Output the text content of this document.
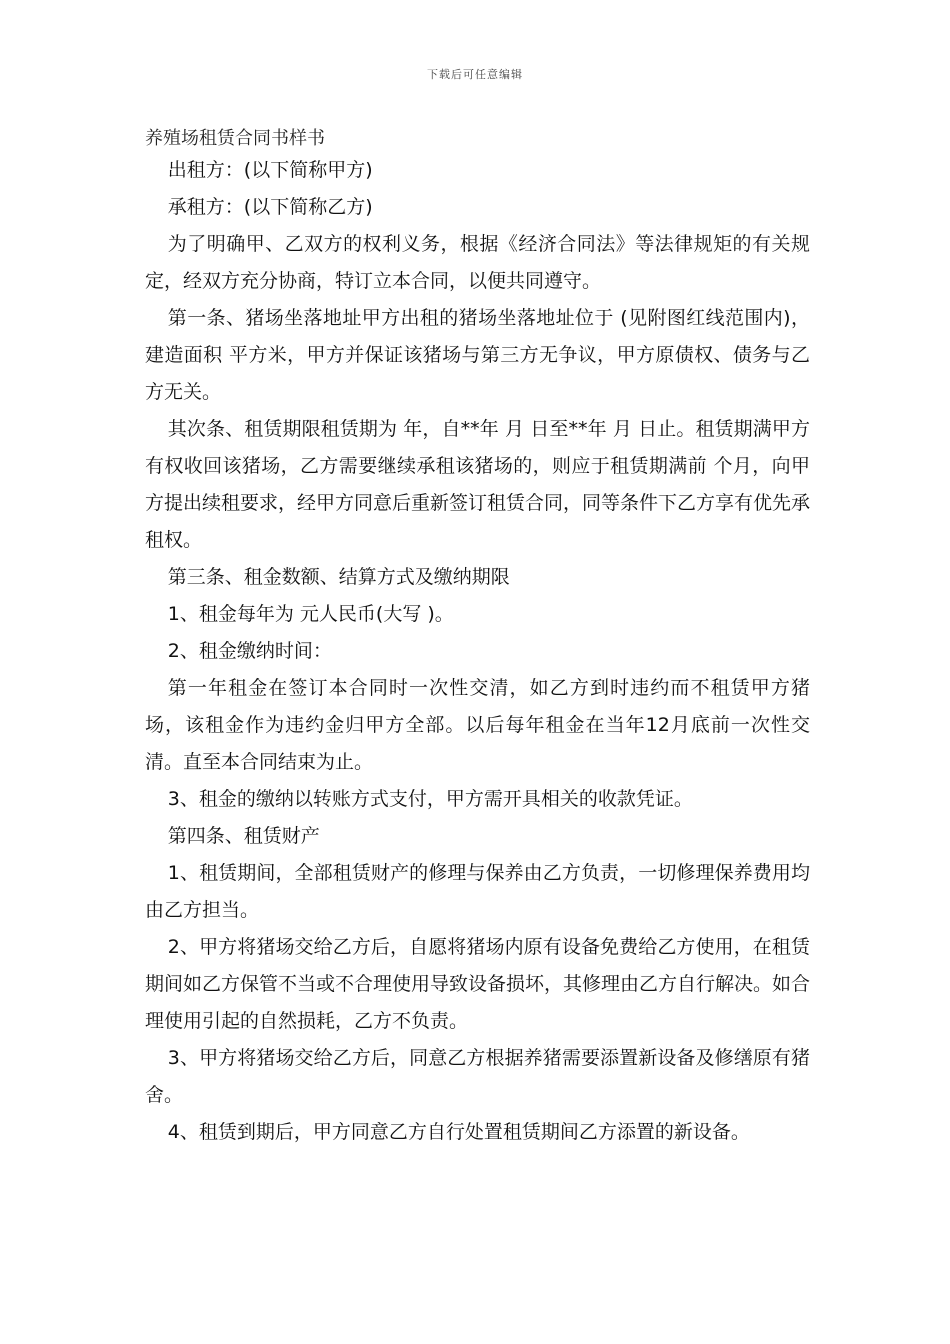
下载后可任意编辑
养殖场租赁合同书样书

出租方：(以下简称甲方)

承租方：(以下简称乙方)

为了明确甲、乙双方的权利义务，根据《经济合同法》等法律规矩的有关规定，经双方充分协商，特订立本合同，以便共同遵守。

第一条、猪场坐落地址甲方出租的猪场坐落地址位于 (见附图红线范围内)，建造面积 平方米，甲方并保证该猪场与第三方无争议，甲方原债权、债务与乙方无关。

其次条、租赁期限租赁期为 年，自**年 月 日至**年 月 日止。租赁期满甲方有权收回该猪场，乙方需要继续承租该猪场的，则应于租赁期满前 个月，向甲方提出续租要求，经甲方同意后重新签订租赁合同，同等条件下乙方享有优先承租权。

第三条、租金数额、结算方式及缴纳期限

1、租金每年为 元人民币(大写 )。

2、租金缴纳时间：

第一年租金在签订本合同时一次性交清，如乙方到时违约而不租赁甲方猪场，该租金作为违约金归甲方全部。以后每年租金在当年12月底前一次性交清。直至本合同结束为止。

3、租金的缴纳以转账方式支付，甲方需开具相关的收款凭证。

第四条、租赁财产

1、租赁期间，全部租赁财产的修理与保养由乙方负责，一切修理保养费用均由乙方担当。

2、甲方将猪场交给乙方后，自愿将猪场内原有设备免费给乙方使用，在租赁期间如乙方保管不当或不合理使用导致设备损坏，其修理由乙方自行解决。如合理使用引起的自然损耗，乙方不负责。

3、甲方将猪场交给乙方后，同意乙方根据养猪需要添置新设备及修缮原有猪舍。

4、租赁到期后，甲方同意乙方自行处置租赁期间乙方添置的新设备。
